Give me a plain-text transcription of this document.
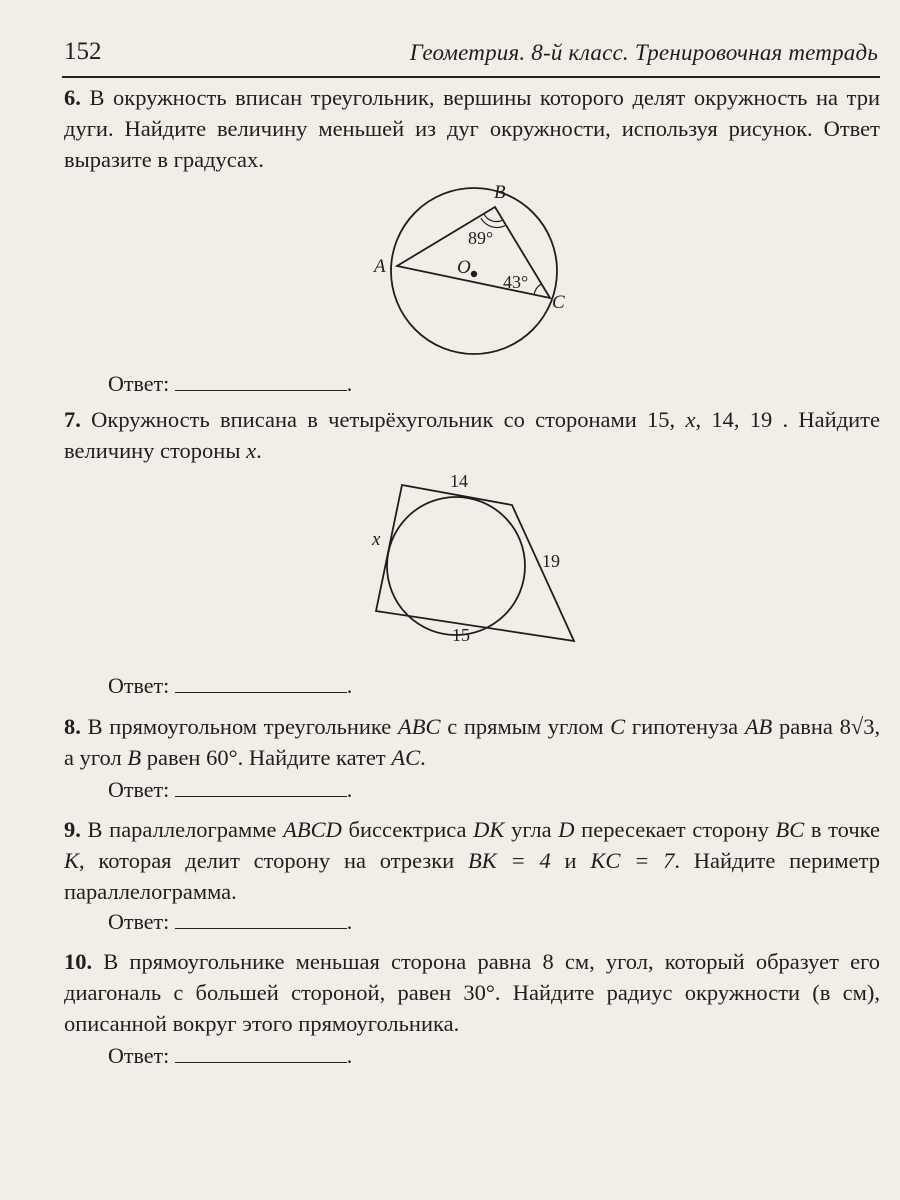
152	Геометрия. 8-й класс. Тренировочная тетрадь
6. В окружность вписан треугольник, вершины которого делят окружность на три дуги. Найдите величину меньшей из дуг окружности, используя рисунок. Ответ выразите в градусах.
A
B
C
O
89°
43°
Ответ:	.
7. Окружность вписана в четырёхугольник со сторонами 15, x, 14, 19 . Найдите величину стороны x.
14
x
19
15
Ответ:	.
8. В прямоугольном треугольнике ABC с прямым углом C гипотенуза AB равна 8√3, а угол B равен 60°. Найдите катет AC.
Ответ:	.
9. В параллелограмме ABCD биссектриса DK угла D пересекает сторону BC в точке K, которая делит сторону на отрезки BK = 4 и KC = 7. Найдите периметр параллелограмма.
Ответ:	.
10. В прямоугольнике меньшая сторона равна 8 см, угол, который образует его диагональ с большей стороной, равен 30°. Найдите радиус окружности (в см), описанной вокруг этого прямоугольника.
Ответ:	.
